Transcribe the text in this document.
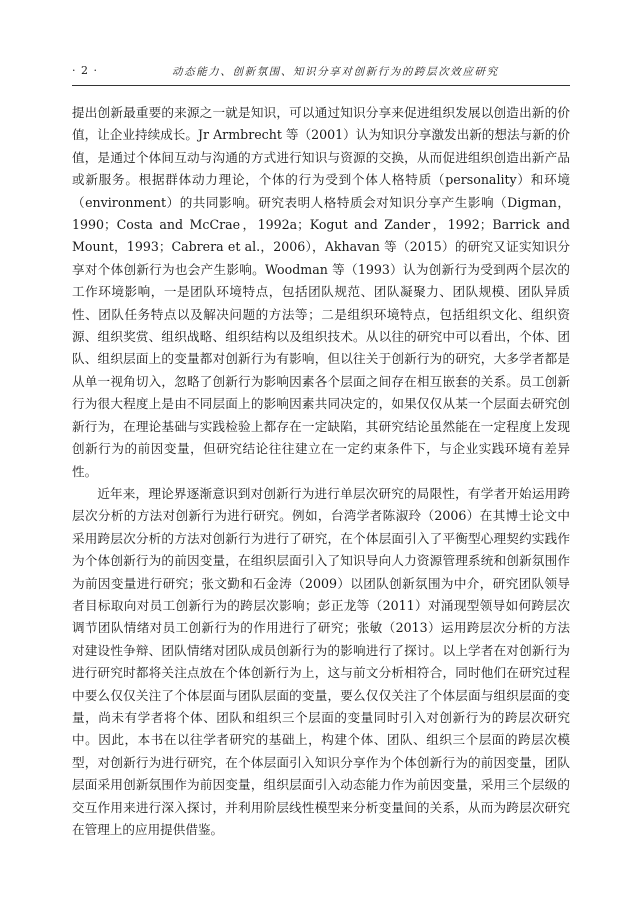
· 2 ·	动态能力、创新氛围、知识分享对创新行为的跨层次效应研究

提出创新最重要的来源之一就是知识，可以通过知识分享来促进组织发展以创造出新的价值，让企业持续成长。Jr Armbrecht 等（2001）认为知识分享激发出新的想法与新的价值，是通过个体间互动与沟通的方式进行知识与资源的交换，从而促进组织创造出新产品或新服务。根据群体动力理论，个体的行为受到个体人格特质（personality）和环境（environment）的共同影响。研究表明人格特质会对知识分享产生影响（Digman，1990；Costa and McCrae，1992a；Kogut and Zander，1992；Barrick and Mount，1993；Cabrera et al.，2006），Akhavan 等（2015）的研究又证实知识分享对个体创新行为也会产生影响。Woodman 等（1993）认为创新行为受到两个层次的工作环境影响，一是团队环境特点，包括团队规范、团队凝聚力、团队规模、团队异质性、团队任务特点以及解决问题的方法等；二是组织环境特点，包括组织文化、组织资源、组织奖赏、组织战略、组织结构以及组织技术。从以往的研究中可以看出，个体、团队、组织层面上的变量都对创新行为有影响，但以往关于创新行为的研究，大多学者都是从单一视角切入，忽略了创新行为影响因素各个层面之间存在相互嵌套的关系。员工创新行为很大程度上是由不同层面上的影响因素共同决定的，如果仅仅从某一个层面去研究创新行为，在理论基础与实践检验上都存在一定缺陷，其研究结论虽然能在一定程度上发现创新行为的前因变量，但研究结论往往建立在一定约束条件下，与企业实践环境有差异性。

近年来，理论界逐渐意识到对创新行为进行单层次研究的局限性，有学者开始运用跨层次分析的方法对创新行为进行研究。例如，台湾学者陈淑玲（2006）在其博士论文中采用跨层次分析的方法对创新行为进行了研究，在个体层面引入了平衡型心理契约实践作为个体创新行为的前因变量，在组织层面引入了知识导向人力资源管理系统和创新氛围作为前因变量进行研究；张文勤和石金涛（2009）以团队创新氛围为中介，研究团队领导者目标取向对员工创新行为的跨层次影响；彭正龙等（2011）对涌现型领导如何跨层次调节团队情绪对员工创新行为的作用进行了研究；张敏（2013）运用跨层次分析的方法对建设性争辩、团队情绪对团队成员创新行为的影响进行了探讨。以上学者在对创新行为进行研究时都将关注点放在个体创新行为上，这与前文分析相符合，同时他们在研究过程中要么仅仅关注了个体层面与团队层面的变量，要么仅仅关注了个体层面与组织层面的变量，尚未有学者将个体、团队和组织三个层面的变量同时引入对创新行为的跨层次研究中。因此，本书在以往学者研究的基础上，构建个体、团队、组织三个层面的跨层次模型，对创新行为进行研究，在个体层面引入知识分享作为个体创新行为的前因变量，团队层面采用创新氛围作为前因变量，组织层面引入动态能力作为前因变量，采用三个层级的交互作用来进行深入探讨，并利用阶层线性模型来分析变量间的关系，从而为跨层次研究在管理上的应用提供借鉴。
